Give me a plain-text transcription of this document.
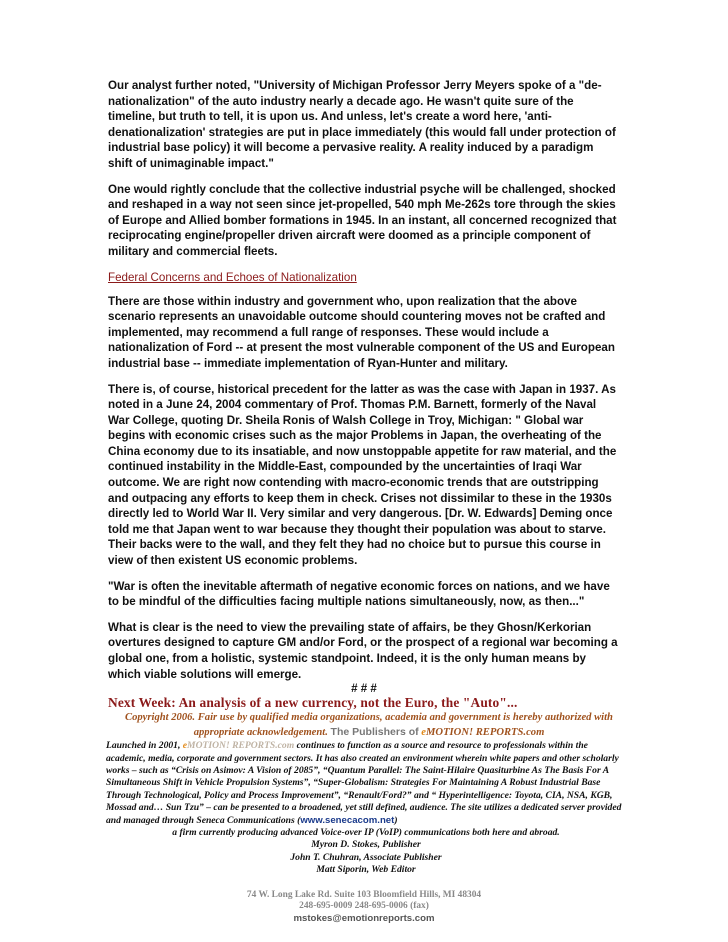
Our analyst further noted, "University of Michigan Professor Jerry Meyers spoke of a "de-nationalization" of the auto industry nearly a decade ago. He wasn't quite sure of the timeline, but truth to tell, it is upon us. And unless, let's create a word here, 'anti-denationalization' strategies are put in place immediately (this would fall under protection of industrial base policy) it will become a pervasive reality. A reality induced by a paradigm shift of unimaginable impact."

One would rightly conclude that the collective industrial psyche will be challenged, shocked and reshaped in a way not seen since jet-propelled, 540 mph Me-262s tore through the skies of Europe and Allied bomber formations in 1945. In an instant, all concerned recognized that reciprocating engine/propeller driven aircraft were doomed as a principle component of military and commercial fleets.

Federal Concerns and Echoes of Nationalization

There are those within industry and government who, upon realization that the above scenario represents an unavoidable outcome should countering moves not be crafted and implemented, may recommend a full range of responses. These would include a nationalization of Ford -- at present the most vulnerable component of the US and European industrial base -- immediate implementation of Ryan-Hunter and military.

There is, of course, historical precedent for the latter as was the case with Japan in 1937. As noted in a June 24, 2004 commentary of Prof. Thomas P.M. Barnett, formerly of the Naval War College, quoting Dr. Sheila Ronis of Walsh College in Troy, Michigan: " Global war begins with economic crises such as the major Problems in Japan, the overheating of the China economy due to its insatiable, and now unstoppable appetite for raw material, and the continued instability in the Middle-East, compounded by the uncertainties of Iraqi War outcome. We are right now contending with macro-economic trends that are outstripping and outpacing any efforts to keep them in check. Crises not dissimilar to these in the 1930s directly led to World War II. Very similar and very dangerous. [Dr. W. Edwards] Deming once told me that Japan went to war because they thought their population was about to starve. Their backs were to the wall, and they felt they had no choice but to pursue this course in view of then existent US economic problems.

"War is often the inevitable aftermath of negative economic forces on nations, and we have to be mindful of the difficulties facing multiple nations simultaneously, now, as then..."

What is clear is the need to view the prevailing state of affairs, be they Ghosn/Kerkorian overtures designed to capture GM and/or Ford, or the prospect of a regional war becoming a global one, from a holistic, systemic standpoint. Indeed, it is the only human means by which viable solutions will emerge.

# # #
Next Week: An analysis of a new currency, not the Euro, the "Auto"...
Copyright 2006. Fair use by qualified media organizations, academia and government is hereby authorized with appropriate acknowledgement. The Publishers of eMOTION! REPORTS.com
Launched in 2001, eMOTION! REPORTS.com continues to function as a source and resource to professionals within the academic, media, corporate and government sectors. It has also created an environment wherein white papers and other scholarly works – such as “Crisis on Asimov: A Vision of 2085”, “Quantum Parallel: The Saint-Hilaire Quasiturbine As The Basis For A Simultaneous Shift in Vehicle Propulsion Systems”, “Super-Globalism: Strategies For Maintaining A Robust Industrial Base Through Technological, Policy and Process Improvement”, “Renault/Ford?” and “ Hyperintelligence: Toyota, CIA, NSA, KGB, Mossad and… Sun Tzu” – can be presented to a broadened, yet still defined, audience. The site utilizes a dedicated server provided and managed through Seneca Communications (www.senecacom.net)
a firm currently producing advanced Voice-over IP (VoIP) communications both here and abroad.
Myron D. Stokes, Publisher
John T. Chuhran, Associate Publisher
Matt Siporin, Web Editor
74 W. Long Lake Rd. Suite 103 Bloomfield Hills, MI 48304
248-695-0009 248-695-0006 (fax)
mstokes@emotionreports.com
